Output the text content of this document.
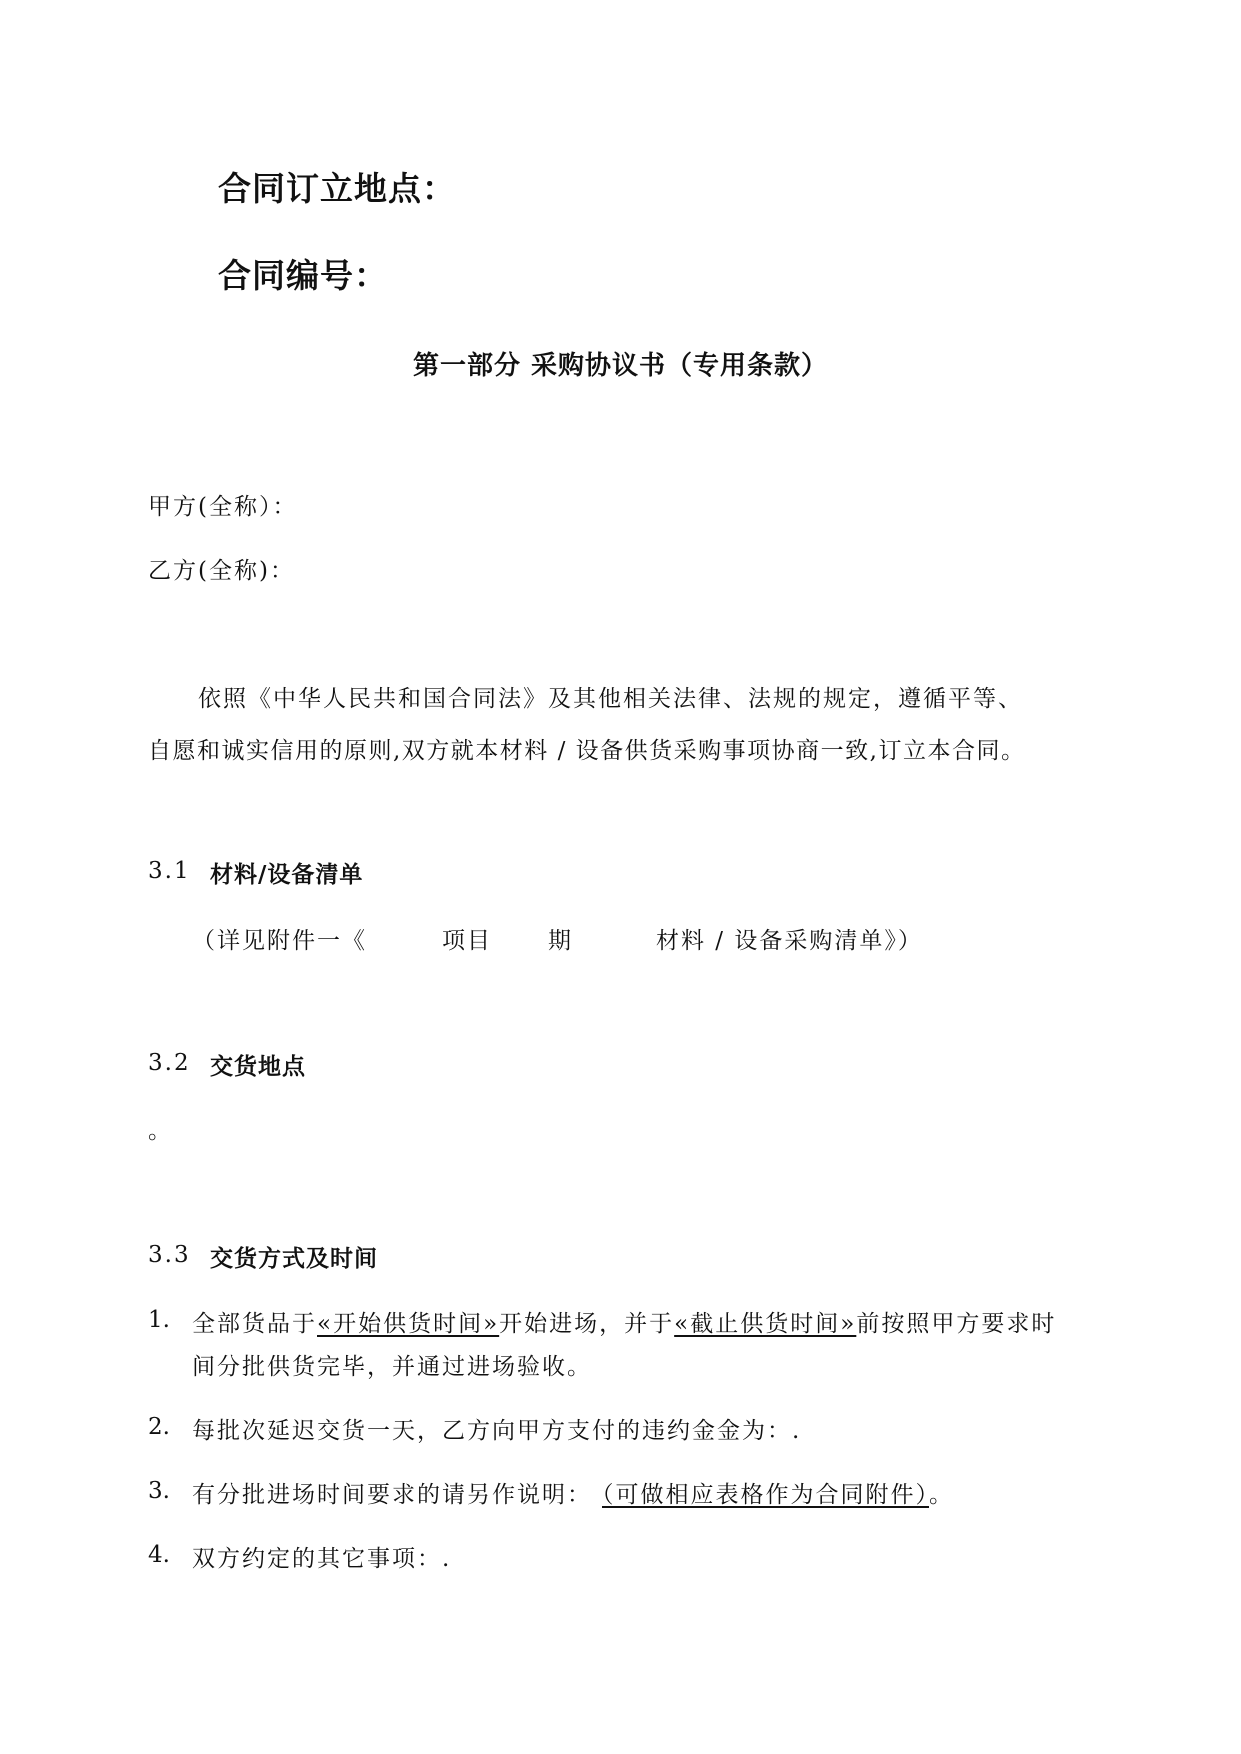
合同订立地点：
合同编号：
第一部分 采购协议书（专用条款）
甲方(全称）：
乙方(全称)：
依照《中华人民共和国合同法》及其他相关法律、法规的规定，遵循平等、
自愿和诚实信用的原则,双方就本材料 / 设备供货采购事项协商一致,订立本合同。
3.1 材料/设备清单
（详见附件一《	项目 期	材料 / 设备采购清单》）
3.2 交货地点
。
3.3 交货方式及时间
1. 全部货品于«开始供货时间»开始进场，并于«截止供货时间»前按照甲方要求时
间分批供货完毕，并通过进场验收。
2. 每批次延迟交货一天，乙方向甲方支付的违约金金为：.
3. 有分批进场时间要求的请另作说明： （可做相应表格作为合同附件）。
4. 双方约定的其它事项：.
